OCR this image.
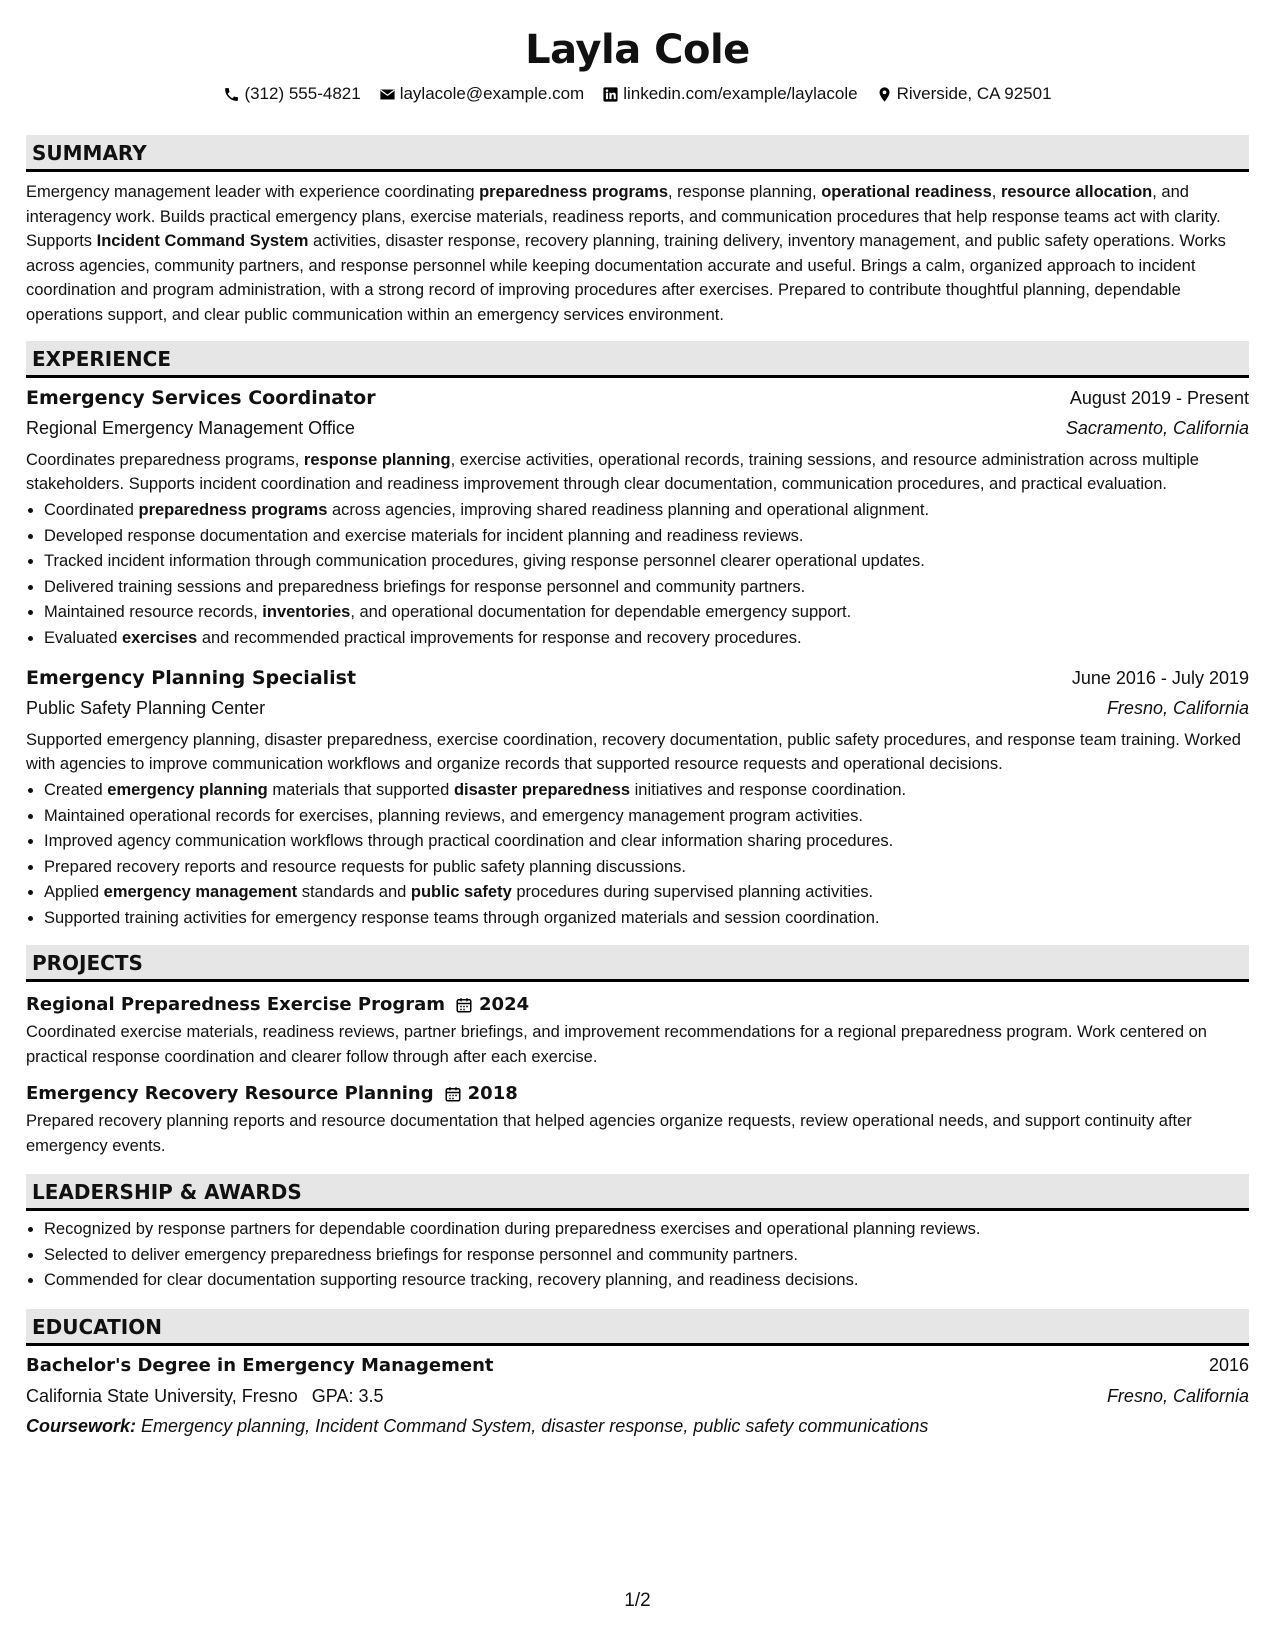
Layla Cole
(312) 555-4821 laylacole@example.com linkedin.com/example/laylacole Riverside, CA 92501
SUMMARY
Emergency management leader with experience coordinating preparedness programs, response planning, operational readiness, resource allocation, and interagency work. Builds practical emergency plans, exercise materials, readiness reports, and communication procedures that help response teams act with clarity. Supports Incident Command System activities, disaster response, recovery planning, training delivery, inventory management, and public safety operations. Works across agencies, community partners, and response personnel while keeping documentation accurate and useful. Brings a calm, organized approach to incident coordination and program administration, with a strong record of improving procedures after exercises. Prepared to contribute thoughtful planning, dependable operations support, and clear public communication within an emergency services environment.
EXPERIENCE
Emergency Services Coordinator	August 2019 - Present
Regional Emergency Management Office	Sacramento, California
Coordinates preparedness programs, response planning, exercise activities, operational records, training sessions, and resource administration across multiple stakeholders. Supports incident coordination and readiness improvement through clear documentation, communication procedures, and practical evaluation.
• Coordinated preparedness programs across agencies, improving shared readiness planning and operational alignment.
• Developed response documentation and exercise materials for incident planning and readiness reviews.
• Tracked incident information through communication procedures, giving response personnel clearer operational updates.
• Delivered training sessions and preparedness briefings for response personnel and community partners.
• Maintained resource records, inventories, and operational documentation for dependable emergency support.
• Evaluated exercises and recommended practical improvements for response and recovery procedures.
Emergency Planning Specialist	June 2016 - July 2019
Public Safety Planning Center	Fresno, California
Supported emergency planning, disaster preparedness, exercise coordination, recovery documentation, public safety procedures, and response team training. Worked with agencies to improve communication workflows and organize records that supported resource requests and operational decisions.
• Created emergency planning materials that supported disaster preparedness initiatives and response coordination.
• Maintained operational records for exercises, planning reviews, and emergency management program activities.
• Improved agency communication workflows through practical coordination and clear information sharing procedures.
• Prepared recovery reports and resource requests for public safety planning discussions.
• Applied emergency management standards and public safety procedures during supervised planning activities.
• Supported training activities for emergency response teams through organized materials and session coordination.
PROJECTS
Regional Preparedness Exercise Program 2024
Coordinated exercise materials, readiness reviews, partner briefings, and improvement recommendations for a regional preparedness program. Work centered on practical response coordination and clearer follow through after each exercise.
Emergency Recovery Resource Planning 2018
Prepared recovery planning reports and resource documentation that helped agencies organize requests, review operational needs, and support continuity after emergency events.
LEADERSHIP & AWARDS
• Recognized by response partners for dependable coordination during preparedness exercises and operational planning reviews.
• Selected to deliver emergency preparedness briefings for response personnel and community partners.
• Commended for clear documentation supporting resource tracking, recovery planning, and readiness decisions.
EDUCATION
Bachelor's Degree in Emergency Management	2016
California State University, Fresno GPA: 3.5	Fresno, California
Coursework: Emergency planning, Incident Command System, disaster response, public safety communications
1/2
